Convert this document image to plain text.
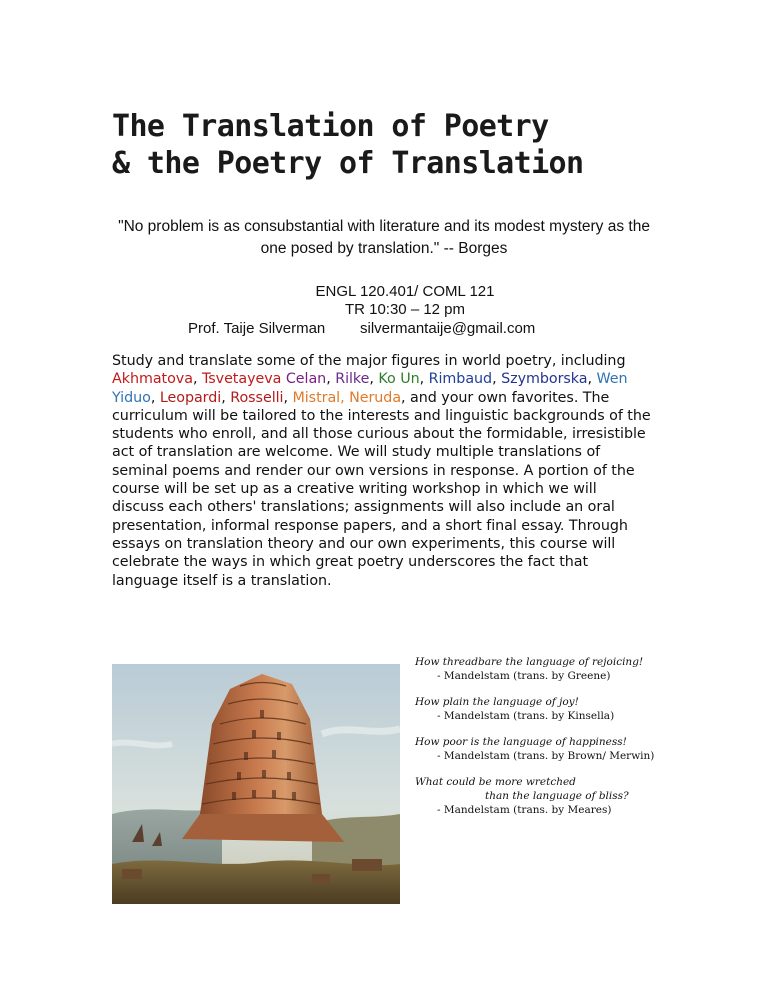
The Translation of Poetry
& the Poetry of Translation

"No problem is as consubstantial with literature and its modest mystery as the one posed by translation." -- Borges

ENGL 120.401/ COML 121
TR 10:30 – 12 pm
Prof. Taije Silverman silvermantaije@gmail.com

Study and translate some of the major figures in world poetry, including Akhmatova, Tsvetayeva Celan, Rilke, Ko Un, Rimbaud, Szymborska, Wen Yiduo, Leopardi, Rosselli, Mistral, Neruda, and your own favorites. The curriculum will be tailored to the interests and linguistic backgrounds of the students who enroll, and all those curious about the formidable, irresistible act of translation are welcome. We will study multiple translations of seminal poems and render our own versions in response. A portion of the course will be set up as a creative writing workshop in which we will discuss each others' translations; assignments will also include an oral presentation, informal response papers, and a short final essay. Through essays on translation theory and our own experiments, this course will celebrate the ways in which great poetry underscores the fact that language itself is a translation.

How threadbare the language of rejoicing!
- Mandelstam (trans. by Greene)
How plain the language of joy!
- Mandelstam (trans. by Kinsella)
How poor is the language of happiness!
- Mandelstam (trans. by Brown/ Merwin)
What could be more wretched
than the language of bliss?
- Mandelstam (trans. by Meares)
